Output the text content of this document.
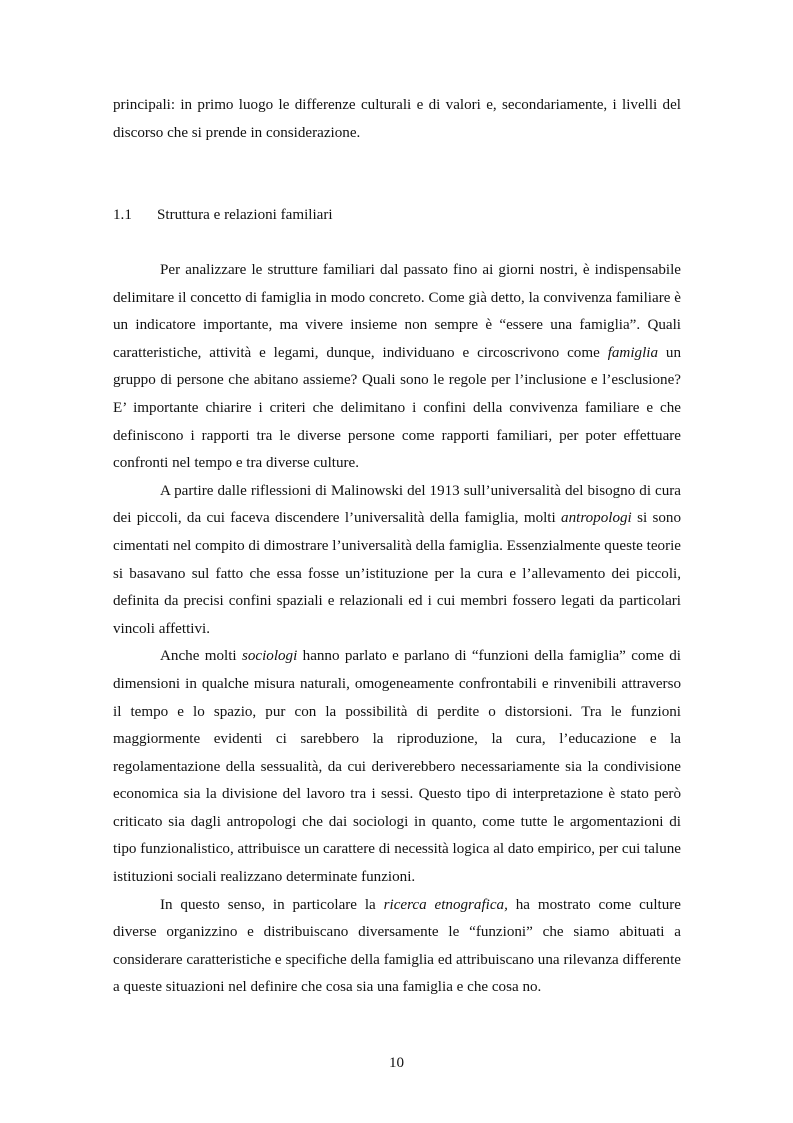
principali: in primo luogo le differenze culturali e di valori e, secondariamente, i livelli del discorso che si prende in considerazione.

1.1 Struttura e relazioni familiari

Per analizzare le strutture familiari dal passato fino ai giorni nostri, è indispensabile delimitare il concetto di famiglia in modo concreto. Come già detto, la convivenza familiare è un indicatore importante, ma vivere insieme non sempre è “essere una famiglia”. Quali caratteristiche, attività e legami, dunque, individuano e circoscrivono come famiglia un gruppo di persone che abitano assieme? Quali sono le regole per l’inclusione e l’esclusione? E’ importante chiarire i criteri che delimitano i confini della convivenza familiare e che definiscono i rapporti tra le diverse persone come rapporti familiari, per poter effettuare confronti nel tempo e tra diverse culture.

A partire dalle riflessioni di Malinowski del 1913 sull’universalità del bisogno di cura dei piccoli, da cui faceva discendere l’universalità della famiglia, molti antropologi si sono cimentati nel compito di dimostrare l’universalità della famiglia. Essenzialmente queste teorie si basavano sul fatto che essa fosse un’istituzione per la cura e l’allevamento dei piccoli, definita da precisi confini spaziali e relazionali ed i cui membri fossero legati da particolari vincoli affettivi.

Anche molti sociologi hanno parlato e parlano di “funzioni della famiglia” come di dimensioni in qualche misura naturali, omogeneamente confrontabili e rinvenibili attraverso il tempo e lo spazio, pur con la possibilità di perdite o distorsioni. Tra le funzioni maggiormente evidenti ci sarebbero la riproduzione, la cura, l’educazione e la regolamentazione della sessualità, da cui deriverebbero necessariamente sia la condivisione economica sia la divisione del lavoro tra i sessi. Questo tipo di interpretazione è stato però criticato sia dagli antropologi che dai sociologi in quanto, come tutte le argomentazioni di tipo funzionalistico, attribuisce un carattere di necessità logica al dato empirico, per cui talune istituzioni sociali realizzano determinate funzioni.

In questo senso, in particolare la ricerca etnografica, ha mostrato come culture diverse organizzino e distribuiscano diversamente le “funzioni” che siamo abituati a considerare caratteristiche e specifiche della famiglia ed attribuiscano una rilevanza differente a queste situazioni nel definire che cosa sia una famiglia e che cosa no.

10
